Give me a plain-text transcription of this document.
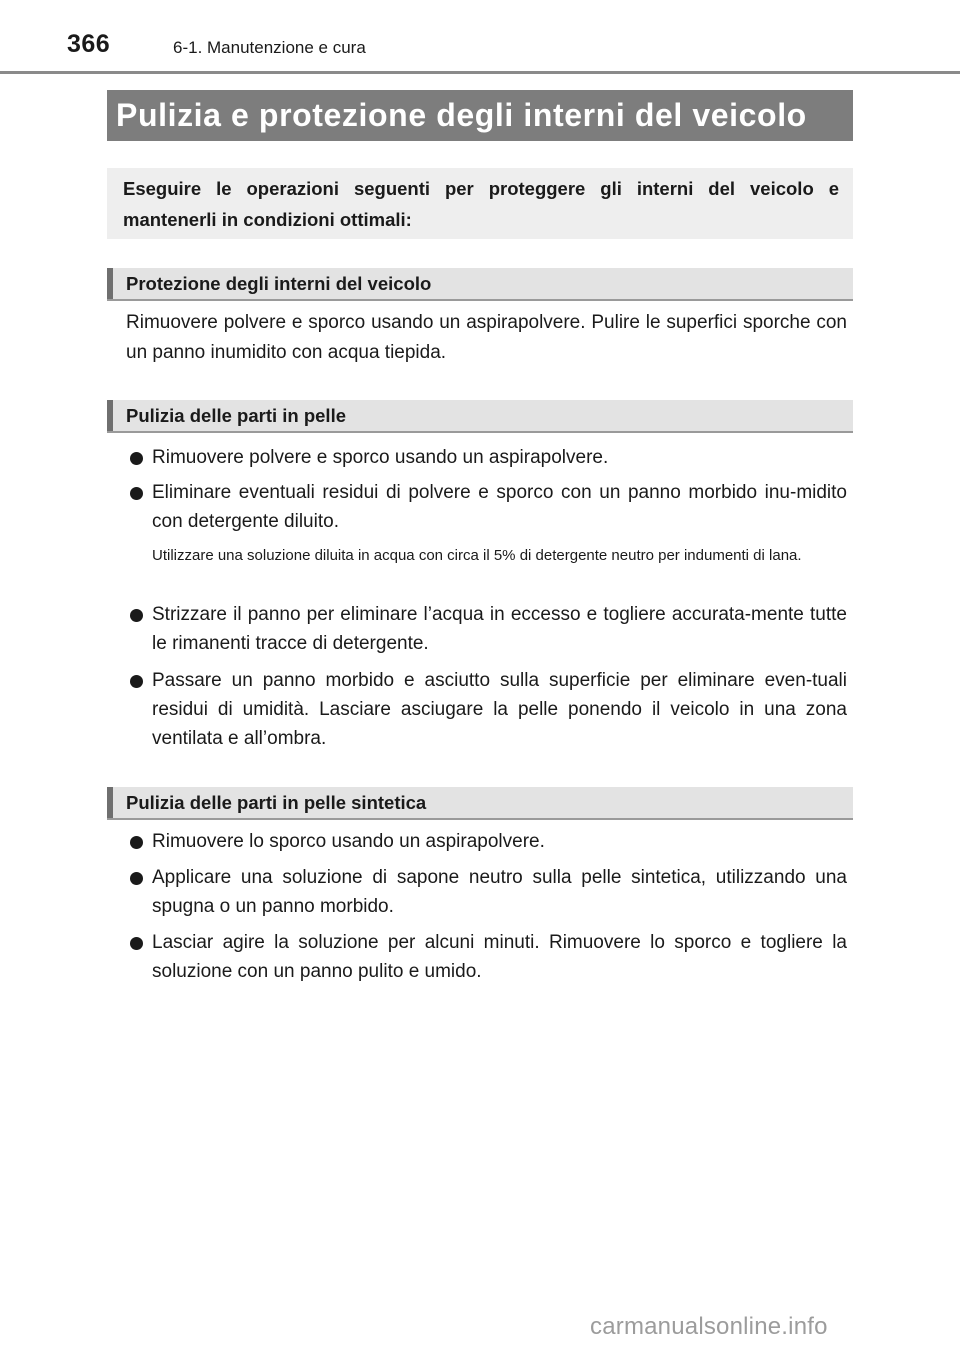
366	6-1. Manutenzione e cura
Pulizia e protezione degli interni del veicolo
Eseguire le operazioni seguenti per proteggere gli interni del veicolo e mantenerli in condizioni ottimali:
Protezione degli interni del veicolo
Rimuovere polvere e sporco usando un aspirapolvere. Pulire le superfici sporche con un panno inumidito con acqua tiepida.
Pulizia delle parti in pelle
Rimuovere polvere e sporco usando un aspirapolvere.
Eliminare eventuali residui di polvere e sporco con un panno morbido inu-midito con detergente diluito.
Utilizzare una soluzione diluita in acqua con circa il 5% di detergente neutro per indumenti di lana.
Strizzare il panno per eliminare l’acqua in eccesso e togliere accurata-mente tutte le rimanenti tracce di detergente.
Passare un panno morbido e asciutto sulla superficie per eliminare even-tuali residui di umidità. Lasciare asciugare la pelle ponendo il veicolo in una zona ventilata e all’ombra.
Pulizia delle parti in pelle sintetica
Rimuovere lo sporco usando un aspirapolvere.
Applicare una soluzione di sapone neutro sulla pelle sintetica, utilizzando una spugna o un panno morbido.
Lasciar agire la soluzione per alcuni minuti. Rimuovere lo sporco e togliere la soluzione con un panno pulito e umido.
carmanualsonline.info
